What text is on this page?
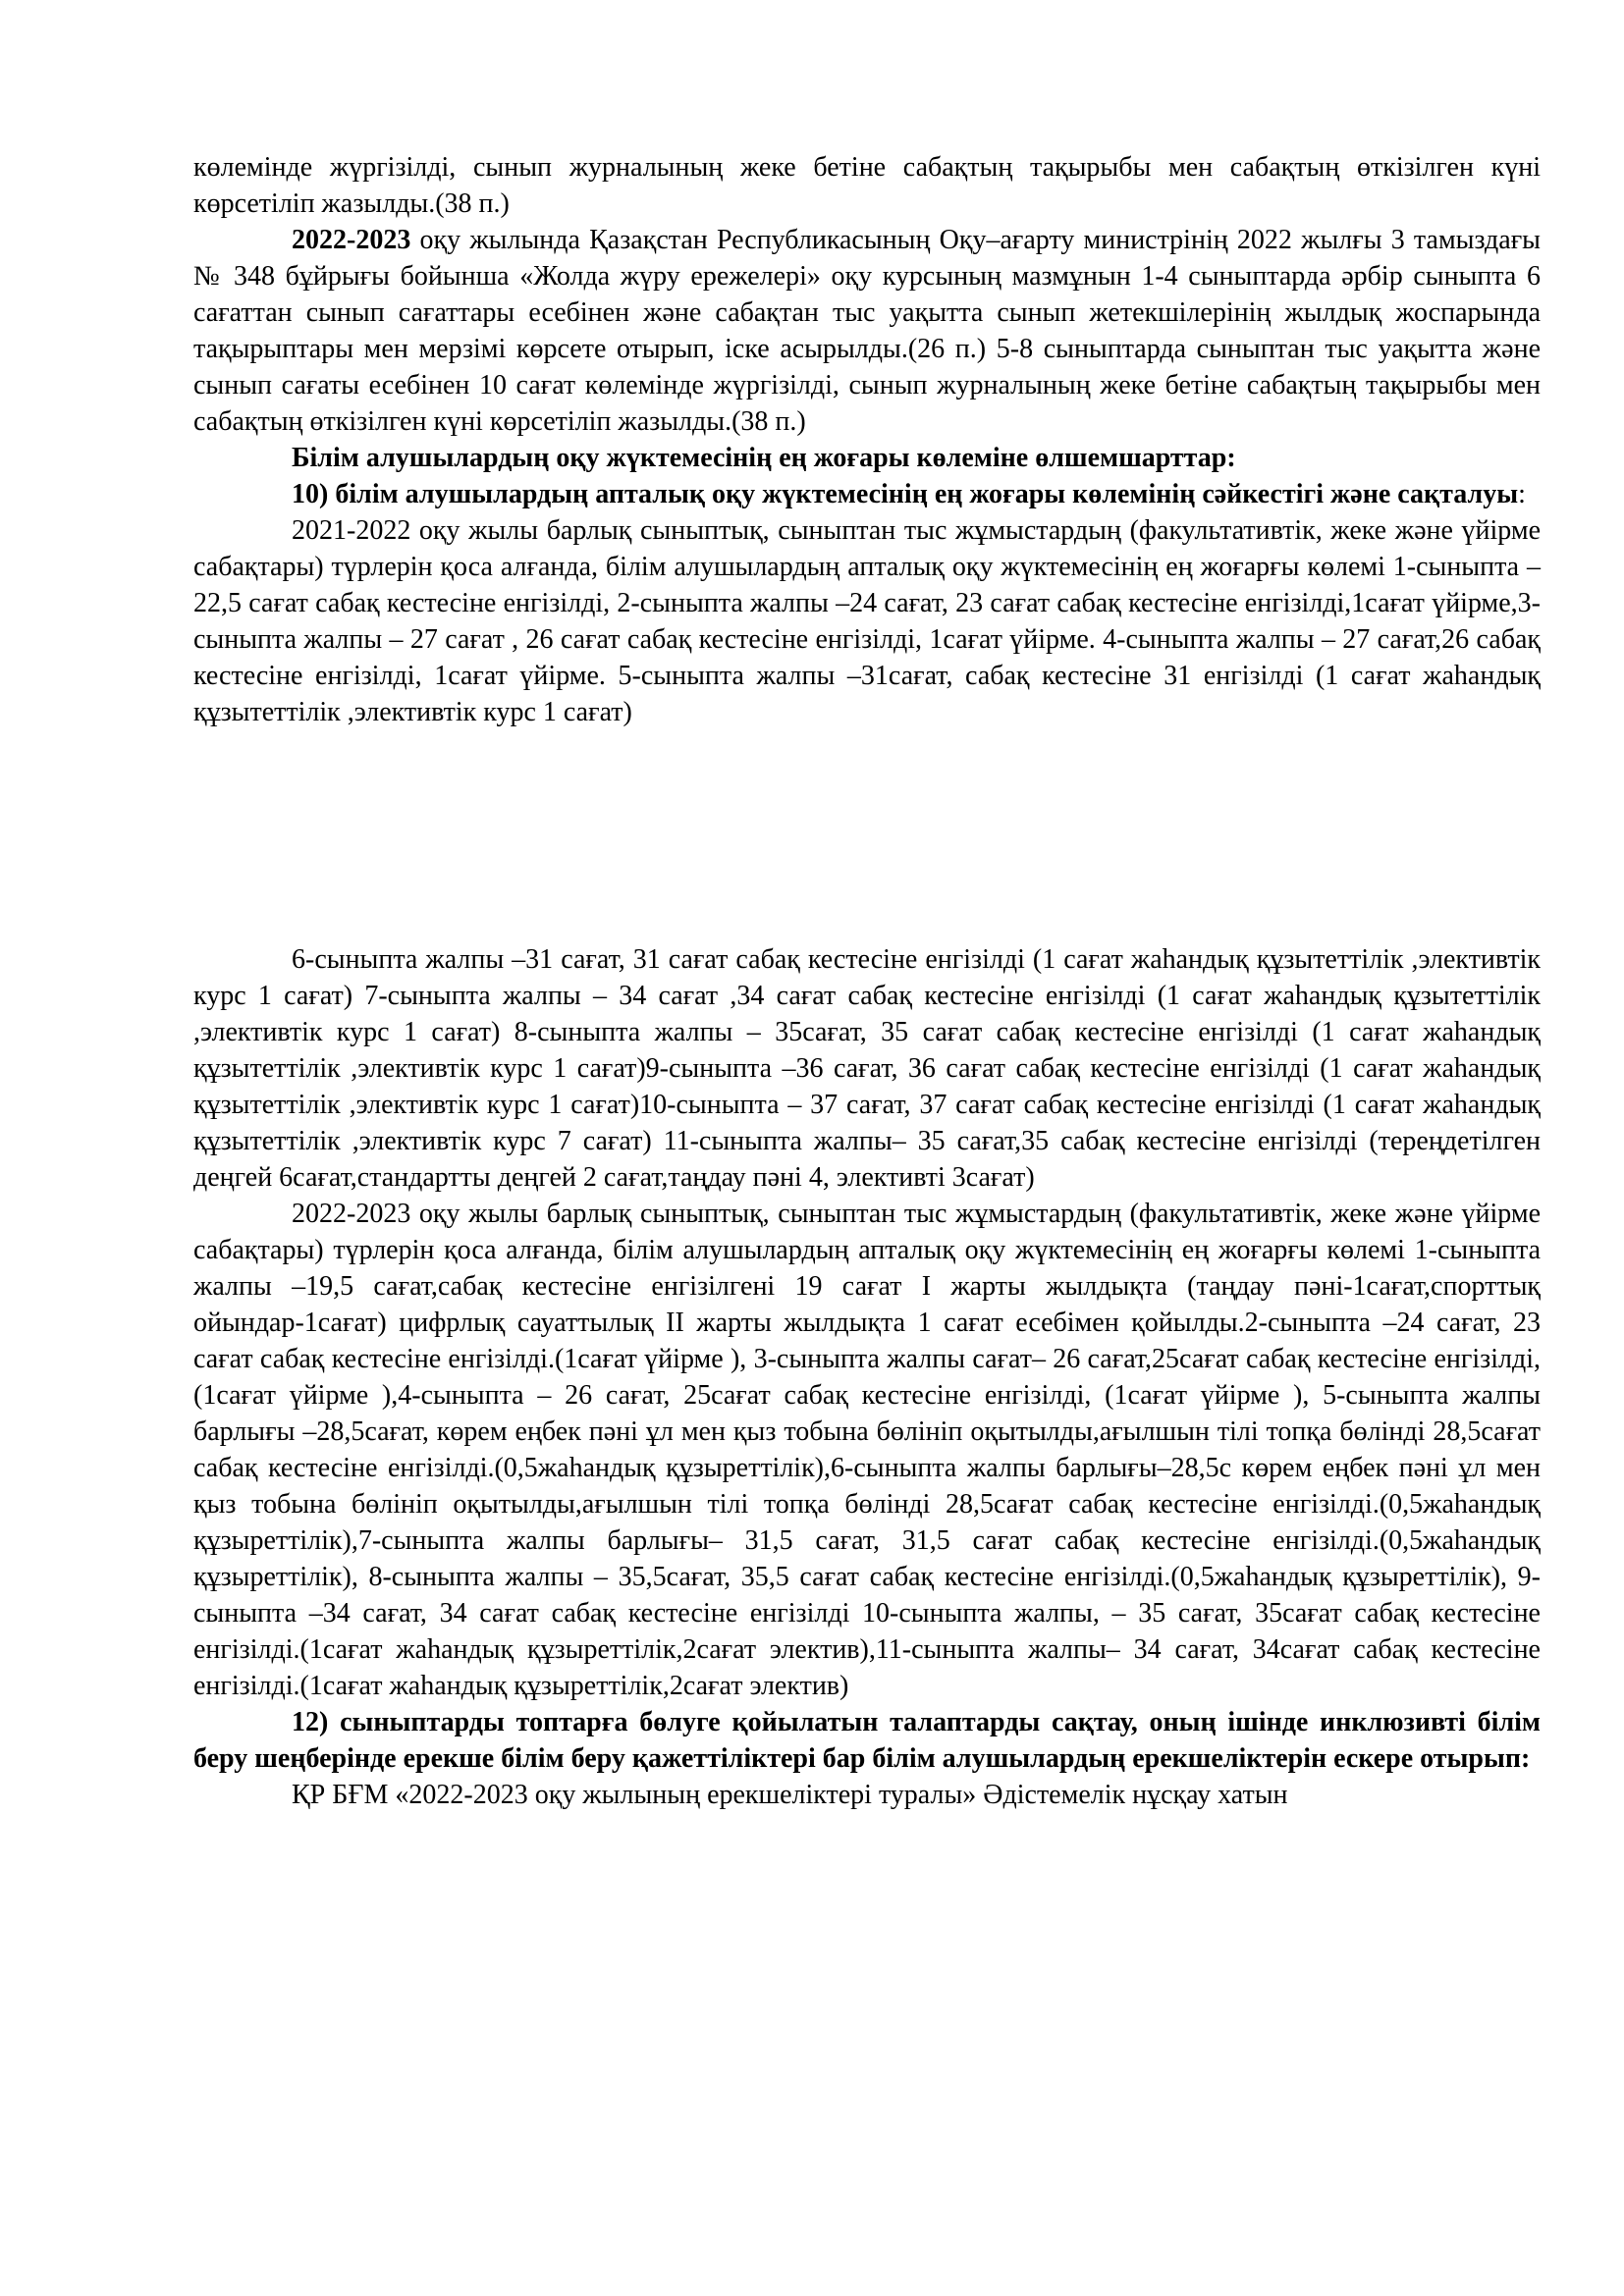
көлемінде жүргізілді, сынып журналының жеке бетіне сабақтың тақырыбы мен сабақтың өткізілген күні көрсетіліп жазылды.(38 п.)

2022-2023 оқу жылында Қазақстан Республикасының Оқу–ағарту министрінің 2022 жылғы 3 тамыздағы № 348 бұйрығы бойынша «Жолда жүру ережелері» оқу курсының мазмұнын 1-4 сыныптарда әрбір сыныпта 6 сағаттан сынып сағаттары есебінен және сабақтан тыс уақытта сынып жетекшілерінің жылдық жоспарында тақырыптары мен мерзімі көрсете отырып, іске асырылды.(26 п.) 5-8 сыныптарда сыныптан тыс уақытта және сынып сағаты есебінен 10 сағат көлемінде жүргізілді, сынып журналының жеке бетіне сабақтың тақырыбы мен сабақтың өткізілген күні көрсетіліп жазылды.(38 п.)

Білім алушылардың оқу жүктемесінің ең жоғары көлеміне өлшемшарттар:

10) білім алушылардың апталық оқу жүктемесінің ең жоғары көлемінің сәйкестігі және сақталуы:

2021-2022 оқу жылы барлық сыныптық, сыныптан тыс жұмыстардың (факультативтік, жеке және үйірме сабақтары) түрлерін қоса алғанда, білім алушылардың апталық оқу жүктемесінің ең жоғарғы көлемі 1-сыныпта –22,5 сағат сабақ кестесіне енгізілді, 2-сыныпта жалпы –24 сағат, 23 сағат сабақ кестесіне енгізілді,1сағат үйірме,3-сыныпта жалпы – 27 сағат , 26 сағат сабақ кестесіне енгізілді, 1сағат үйірме. 4-сыныпта жалпы – 27 сағат,26 сабақ кестесіне енгізілді, 1сағат үйірме. 5-сыныпта жалпы –31сағат, сабақ кестесіне 31 енгізілді (1 сағат жаһандық құзытеттілік ,элективтік курс 1 сағат)

6-сыныпта жалпы –31 сағат, 31 сағат сабақ кестесіне енгізілді (1 сағат жаһандық құзытеттілік ,элективтік курс 1 сағат) 7-сыныпта жалпы – 34 сағат ,34 сағат сабақ кестесіне енгізілді (1 сағат жаһандық құзытеттілік ,элективтік курс 1 сағат) 8-сыныпта жалпы – 35сағат, 35 сағат сабақ кестесіне енгізілді (1 сағат жаһандық құзытеттілік ,элективтік курс 1 сағат)9-сыныпта –36 сағат, 36 сағат сабақ кестесіне енгізілді (1 сағат жаһандық құзытеттілік ,элективтік курс 1 сағат)10-сыныпта – 37 сағат, 37 сағат сабақ кестесіне енгізілді (1 сағат жаһандық құзытеттілік ,элективтік курс 7 сағат) 11-сыныпта жалпы– 35 сағат,35 сабақ кестесіне енгізілді (тереңдетілген деңгей 6сағат,стандартты деңгей 2 сағат,таңдау пәні 4, элективті 3сағат)

2022-2023 оқу жылы барлық сыныптық, сыныптан тыс жұмыстардың (факультативтік, жеке және үйірме сабақтары) түрлерін қоса алғанда, білім алушылардың апталық оқу жүктемесінің ең жоғарғы көлемі 1-сыныпта жалпы –19,5 сағат,сабақ кестесіне енгізілгені 19 сағат I жарты жылдықта (таңдау пәні-1сағат,спорттық ойындар-1сағат) цифрлық сауаттылық II жарты жылдықта 1 сағат есебімен қойылды.2-сыныпта –24 сағат, 23 сағат сабақ кестесіне енгізілді.(1сағат үйірме ), 3-сыныпта жалпы сағат– 26 сағат,25сағат сабақ кестесіне енгізілді,(1сағат үйірме ),4-сыныпта – 26 сағат, 25сағат сабақ кестесіне енгізілді, (1сағат үйірме ), 5-сыныпта жалпы барлығы –28,5сағат, көрем еңбек пәні ұл мен қыз тобына бөлініп оқытылды,ағылшын тілі топқа бөлінді 28,5сағат сабақ кестесіне енгізілді.(0,5жаһандық құзыреттілік),6-сыныпта жалпы барлығы–28,5с көрем еңбек пәні ұл мен қыз тобына бөлініп оқытылды,ағылшын тілі топқа бөлінді 28,5сағат сабақ кестесіне енгізілді.(0,5жаһандық құзыреттілік),7-сыныпта жалпы барлығы– 31,5 сағат, 31,5 сағат сабақ кестесіне енгізілді.(0,5жаһандық құзыреттілік), 8-сыныпта жалпы – 35,5сағат, 35,5 сағат сабақ кестесіне енгізілді.(0,5жаһандық құзыреттілік), 9-сыныпта –34 сағат, 34 сағат сабақ кестесіне енгізілді 10-сыныпта жалпы, – 35 сағат, 35сағат сабақ кестесіне енгізілді.(1сағат жаһандық құзыреттілік,2сағат электив),11-сыныпта жалпы– 34 сағат, 34сағат сабақ кестесіне енгізілді.(1сағат жаһандық құзыреттілік,2сағат электив)

12) сыныптарды топтарға бөлуге қойылатын талаптарды сақтау, оның ішінде инклюзивті білім беру шеңберінде ерекше білім беру қажеттіліктері бар білім алушылардың ерекшеліктерін ескере отырып:

ҚР БҒМ «2022-2023 оқу жылының ерекшеліктері туралы» Әдістемелік нұсқау хатын
